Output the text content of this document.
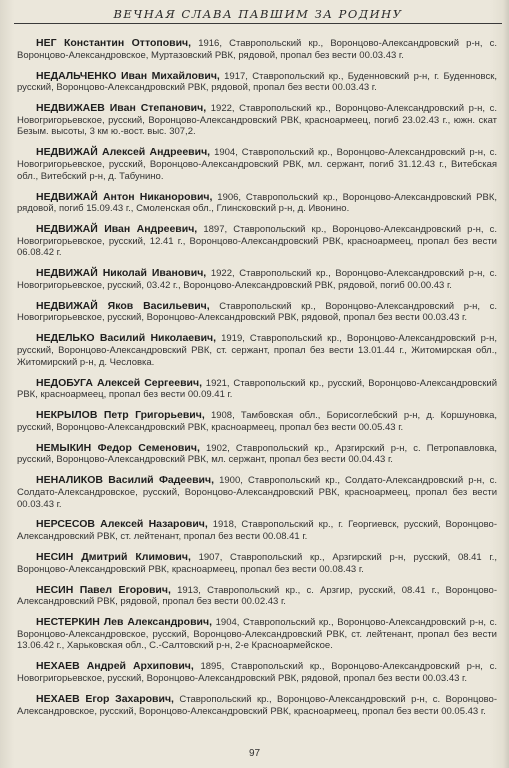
ВЕЧНАЯ СЛАВА ПАВШИМ ЗА РОДИНУ

НЕГ Константин Оттопович, 1916, Ставропольский кр., Воронцово-Александровский р-н, с. Воронцово-Александровское, Муртазовский РВК, рядовой, пропал без вести 00.03.43 г.

НЕДАЛЬЧЕНКО Иван Михайлович, 1917, Ставропольский кр., Буденновский р-н, г. Буденновск, русский, Воронцово-Александровский РВК, рядовой, пропал без вести 00.03.43 г.

НЕДВИЖАЕВ Иван Степанович, 1922, Ставропольский кр., Воронцово-Александровский р-н, с. Новогригорьевское, русский, Воронцово-Александровский РВК, красноармеец, погиб 23.02.43 г., южн. скат Безым. высоты, 3 км ю.-вост. выс. 307,2.

НЕДВИЖАЙ Алексей Андреевич, 1904, Ставропольский кр., Воронцово-Александровский р-н, с. Новогригорьевское, русский, Воронцово-Александровский РВК, мл. сержант, погиб 31.12.43 г., Витебская обл., Витебский р-н, д. Табунино.

НЕДВИЖАЙ Антон Никанорович, 1906, Ставропольский кр., Воронцово-Александровский РВК, рядовой, погиб 15.09.43 г., Смоленская обл., Глинсковский р-н, д. Ивонино.

НЕДВИЖАЙ Иван Андреевич, 1897, Ставропольский кр., Воронцово-Александровский р-н, с. Новогригорьевское, русский, 12.41 г., Воронцово-Александровский РВК, красноармеец, пропал без вести 06.08.42 г.

НЕДВИЖАЙ Николай Иванович, 1922, Ставропольский кр., Воронцово-Александровский р-н, с. Новогригорьевское, русский, 03.42 г., Воронцово-Александровский РВК, рядовой, погиб 00.00.43 г.

НЕДВИЖАЙ Яков Васильевич, Ставропольский кр., Воронцово-Александровский р-н, с. Новогригорьевское, русский, Воронцово-Александровский РВК, рядовой, пропал без вести 00.03.43 г.

НЕДЕЛЬКО Василий Николаевич, 1919, Ставропольский кр., Воронцово-Александровский р-н, русский, Воронцово-Александровский РВК, ст. сержант, пропал без вести 13.01.44 г., Житомирская обл., Житомирский р-н, д. Чесловка.

НЕДОБУГА Алексей Сергеевич, 1921, Ставропольский кр., русский, Воронцово-Александровский РВК, красноармеец, пропал без вести 00.09.41 г.

НЕКРЫЛОВ Петр Григорьевич, 1908, Тамбовская обл., Борисоглебский р-н, д. Коршуновка, русский, Воронцово-Александровский РВК, красноармеец, пропал без вести 00.05.43 г.

НЕМЫКИН Федор Семенович, 1902, Ставропольский кр., Арзгирский р-н, с. Петропавловка, русский, Воронцово-Александровский РВК, мл. сержант, пропал без вести 00.04.43 г.

НЕНАЛИКОВ Василий Фадеевич, 1900, Ставропольский кр., Солдато-Александровский р-н, с. Солдато-Александровское, русский, Воронцово-Александровский РВК, красноармеец, пропал без вести 00.03.43 г.

НЕРСЕСОВ Алексей Назарович, 1918, Ставропольский кр., г. Георгиевск, русский, Воронцово-Александровский РВК, ст. лейтенант, пропал без вести 00.08.41 г.

НЕСИН Дмитрий Климович, 1907, Ставропольский кр., Арзгирский р-н, русский, 08.41 г., Воронцово-Александровский РВК, красноармеец, пропал без вести 00.08.43 г.

НЕСИН Павел Егорович, 1913, Ставропольский кр., с. Арзгир, русский, 08.41 г., Воронцово-Александровский РВК, рядовой, пропал без вести 00.02.43 г.

НЕСТЕРКИН Лев Александрович, 1904, Ставропольский кр., Воронцово-Александровский р-н, с. Воронцово-Александровское, русский, Воронцово-Александровский РВК, ст. лейтенант, пропал без вести 13.06.42 г., Харьковская обл., С.-Салтовский р-н, 2-е Красноармейское.

НЕХАЕВ Андрей Архипович, 1895, Ставропольский кр., Воронцово-Александровский р-н, с. Новогригорьевское, русский, Воронцово-Александровский РВК, рядовой, пропал без вести 00.03.43 г.

НЕХАЕВ Егор Захарович, Ставропольский кр., Воронцово-Александровский р-н, с. Воронцово-Александровское, русский, Воронцово-Александровский РВК, красноармеец, пропал без вести 00.05.43 г.

97
